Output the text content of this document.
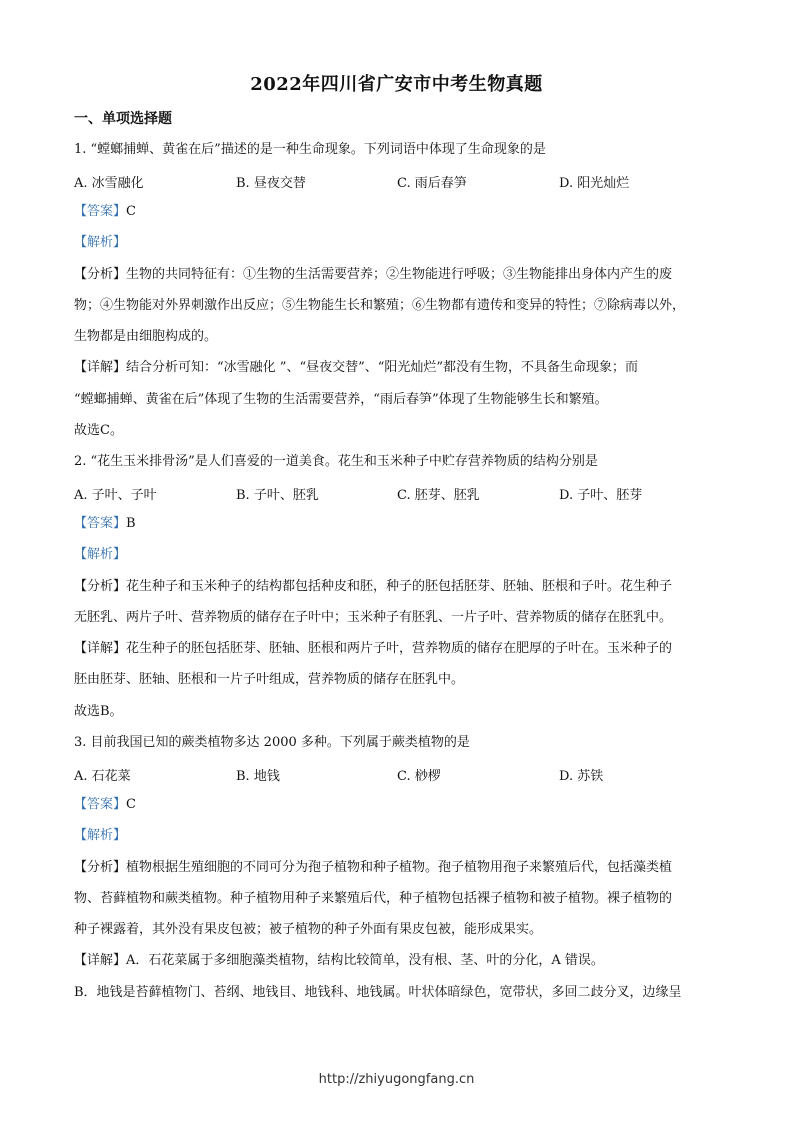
2022年四川省广安市中考生物真题
一、单项选择题
1. “螳螂捕蝉、黄雀在后”描述的是一种生命现象。下列词语中体现了生命现象的是
A. 冰雪融化	B. 昼夜交替	C. 雨后春笋	D. 阳光灿烂
【答案】C
【解析】
【分析】生物的共同特征有：①生物的生活需要营养；②生物能进行呼吸；③生物能排出身体内产生的废
物；④生物能对外界刺激作出反应；⑤生物能生长和繁殖；⑥生物都有遗传和变异的特性；⑦除病毒以外，
生物都是由细胞构成的。
【详解】结合分析可知：“冰雪融化 ”、“昼夜交替”、“阳光灿烂”都没有生物，不具备生命现象；而
“螳螂捕蝉、黄雀在后”体现了生物的生活需要营养，“雨后春笋”体现了生物能够生长和繁殖。
故选C。
2. “花生玉米排骨汤”是人们喜爱的一道美食。花生和玉米种子中贮存营养物质的结构分别是
A. 子叶、子叶	B. 子叶、胚乳	C. 胚芽、胚乳	D. 子叶、胚芽
【答案】B
【解析】
【分析】花生种子和玉米种子的结构都包括种皮和胚，种子的胚包括胚芽、胚轴、胚根和子叶。花生种子
无胚乳、两片子叶、营养物质的储存在子叶中；玉米种子有胚乳、一片子叶、营养物质的储存在胚乳中。
【详解】花生种子的胚包括胚芽、胚轴、胚根和两片子叶，营养物质的储存在肥厚的子叶在。玉米种子的
胚由胚芽、胚轴、胚根和一片子叶组成，营养物质的储存在胚乳中。
故选B。
3. 目前我国已知的蕨类植物多达 2000 多种。下列属于蕨类植物的是
A. 石花菜	B. 地钱	C. 桫椤	D. 苏铁
【答案】C
【解析】
【分析】植物根据生殖细胞的不同可分为孢子植物和种子植物。孢子植物用孢子来繁殖后代，包括藻类植
物、苔藓植物和蕨类植物。种子植物用种子来繁殖后代，种子植物包括裸子植物和被子植物。裸子植物的
种子裸露着，其外没有果皮包被；被子植物的种子外面有果皮包被，能形成果实。
【详解】A．石花菜属于多细胞藻类植物，结构比较简单，没有根、茎、叶的分化，A 错误。
B．地钱是苔藓植物门、苔纲、地钱目、地钱科、地钱属。叶状体暗绿色，宽带状，多回二歧分叉，边缘呈
http://zhiyugongfang.cn
